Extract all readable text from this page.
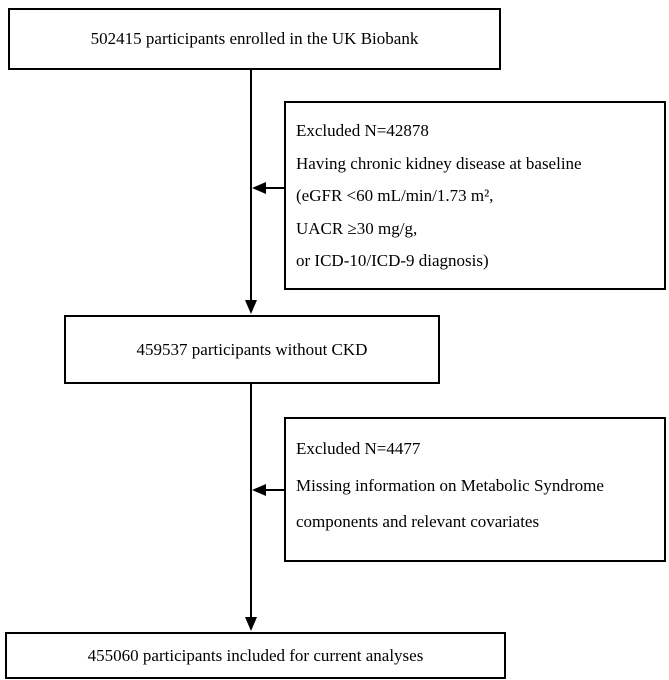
502415 participants enrolled in the UK Biobank
Excluded N=42878
Having chronic kidney disease at baseline
(eGFR <60 mL/min/1.73 m²,
UACR ≥30 mg/g,
or ICD-10/ICD-9 diagnosis)
459537 participants without CKD
Excluded N=4477
Missing information on Metabolic Syndrome
components and relevant covariates
455060 participants included for current analyses
